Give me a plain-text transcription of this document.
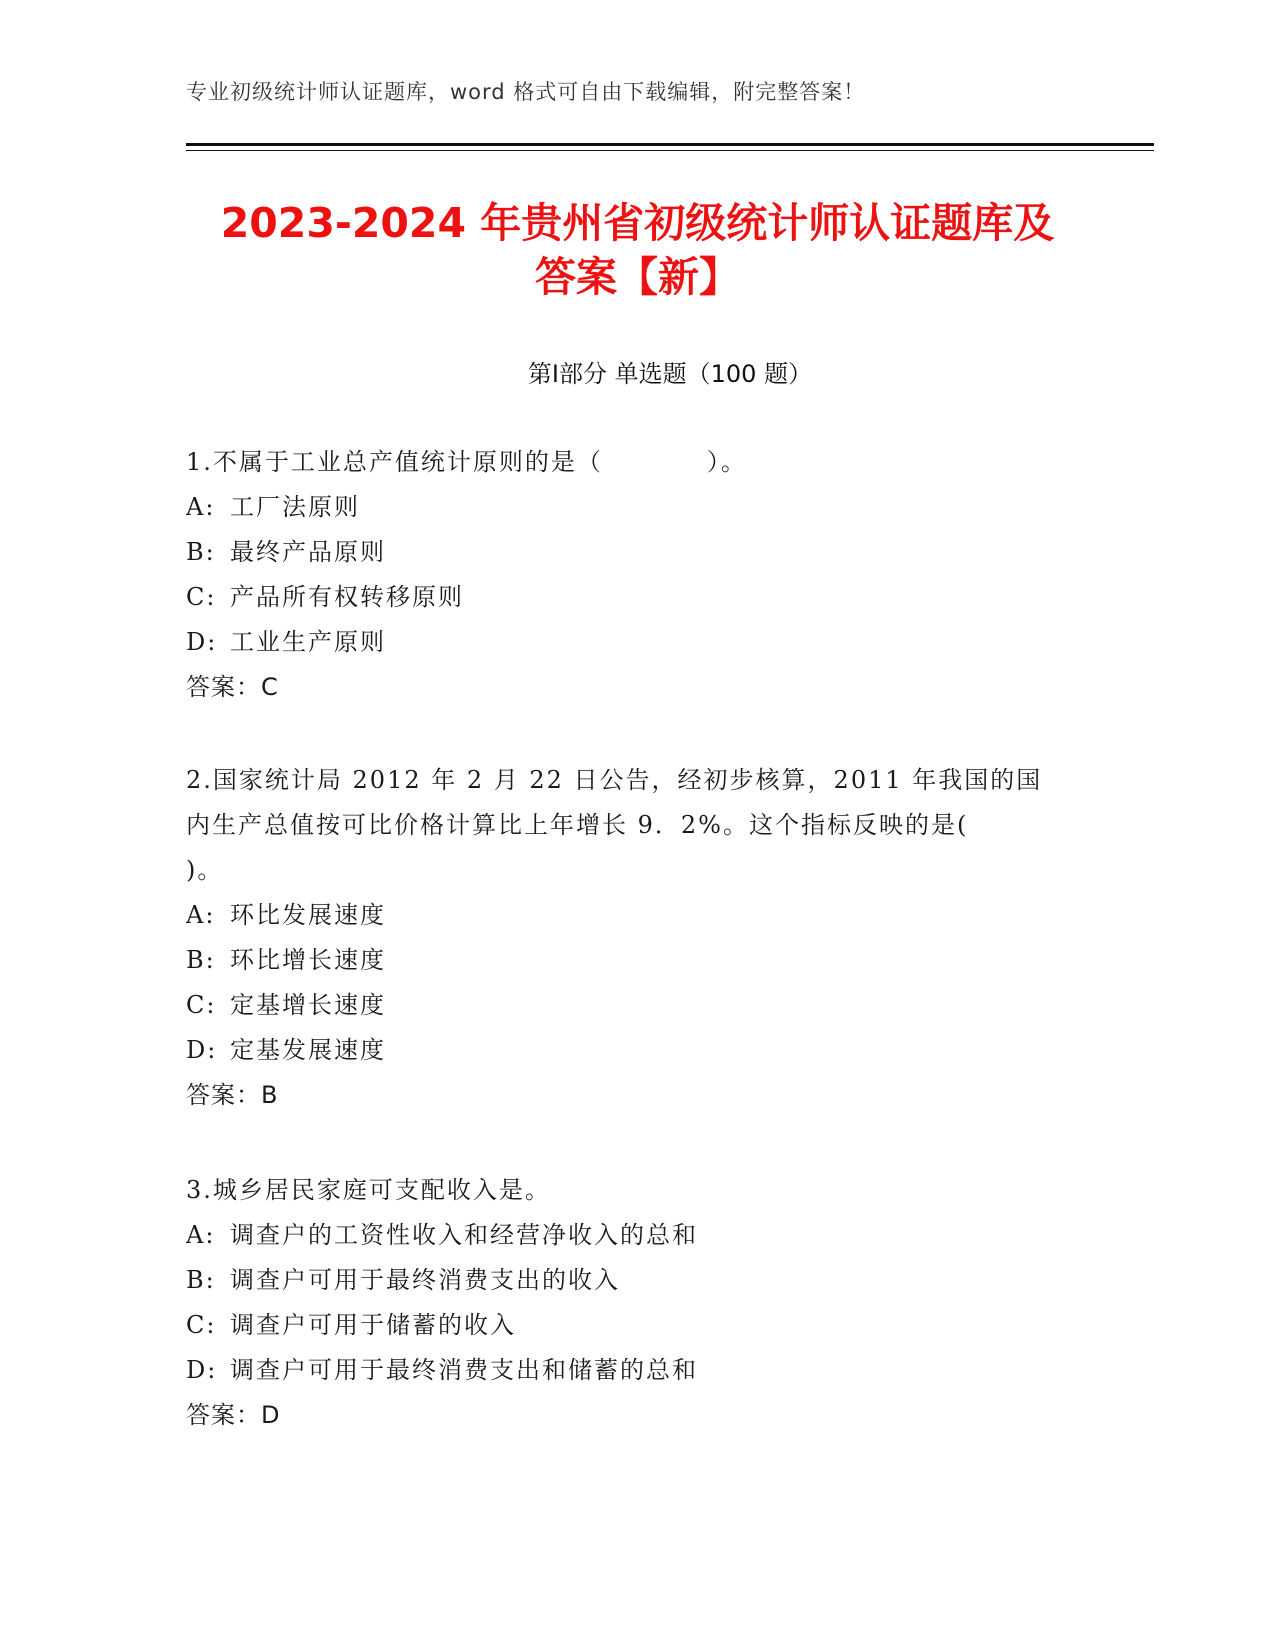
专业初级统计师认证题库，word 格式可自由下载编辑，附完整答案！
2023-2024 年贵州省初级统计师认证题库及
答案【新】
第Ⅰ部分 单选题（100 题）
1.不属于工业总产值统计原则的是（　　　　）。
A: 工厂法原则
B: 最终产品原则
C: 产品所有权转移原则
D: 工业生产原则
答案：C
2.国家统计局 2012 年 2 月 22 日公告，经初步核算，2011 年我国的国
内生产总值按可比价格计算比上年增长 9．2%。这个指标反映的是(
)。
A: 环比发展速度
B: 环比增长速度
C: 定基增长速度
D: 定基发展速度
答案：B
3.城乡居民家庭可支配收入是。
A: 调查户的工资性收入和经营净收入的总和
B: 调查户可用于最终消费支出的收入
C: 调查户可用于储蓄的收入
D: 调查户可用于最终消费支出和储蓄的总和
答案：D
